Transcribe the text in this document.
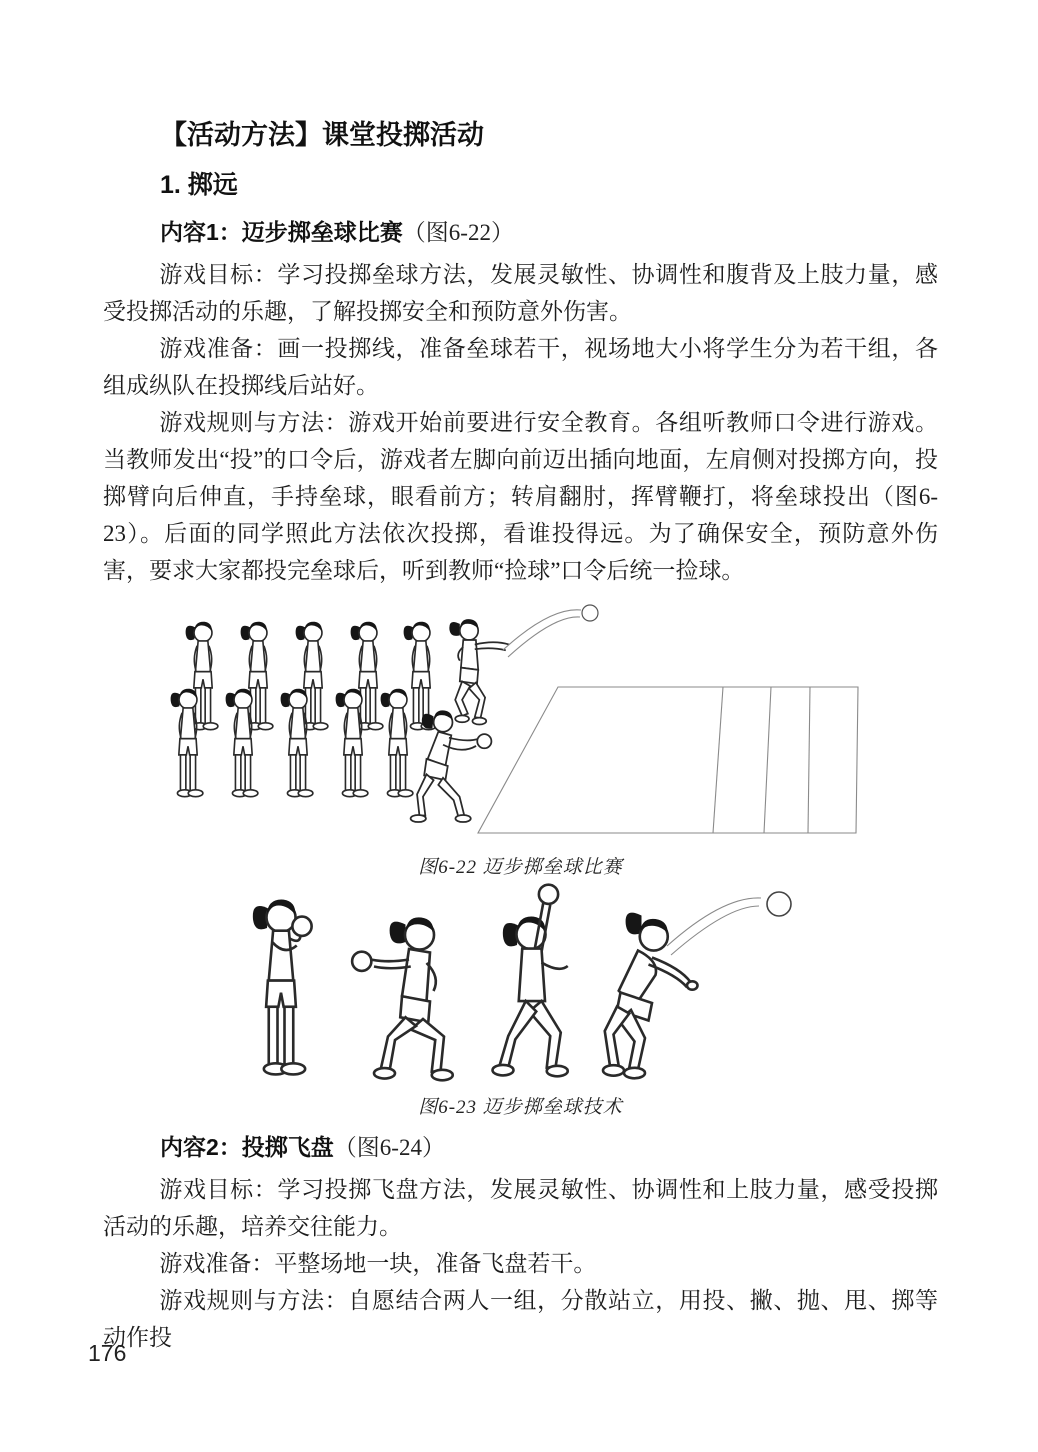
【活动方法】课堂投掷活动
1. 掷远
内容1：迈步掷垒球比赛（图6-22）

游戏目标：学习投掷垒球方法，发展灵敏性、协调性和腹背及上肢力量，感受投掷活动的乐趣，了解投掷安全和预防意外伤害。

游戏准备：画一投掷线，准备垒球若干，视场地大小将学生分为若干组，各组成纵队在投掷线后站好。

游戏规则与方法：游戏开始前要进行安全教育。各组听教师口令进行游戏。当教师发出“投”的口令后，游戏者左脚向前迈出插向地面，左肩侧对投掷方向，投掷臂向后伸直，手持垒球，眼看前方；转肩翻肘，挥臂鞭打，将垒球投出（图6-23）。后面的同学照此方法依次投掷，看谁投得远。为了确保安全，预防意外伤害，要求大家都投完垒球后，听到教师“捡球”口令后统一捡球。

图6-22 迈步掷垒球比赛
图6-23 迈步掷垒球技术
内容2：投掷飞盘（图6-24）

游戏目标：学习投掷飞盘方法，发展灵敏性、协调性和上肢力量，感受投掷活动的乐趣，培养交往能力。

游戏准备：平整场地一块，准备飞盘若干。

游戏规则与方法：自愿结合两人一组，分散站立，用投、撇、抛、甩、掷等动作投

176
